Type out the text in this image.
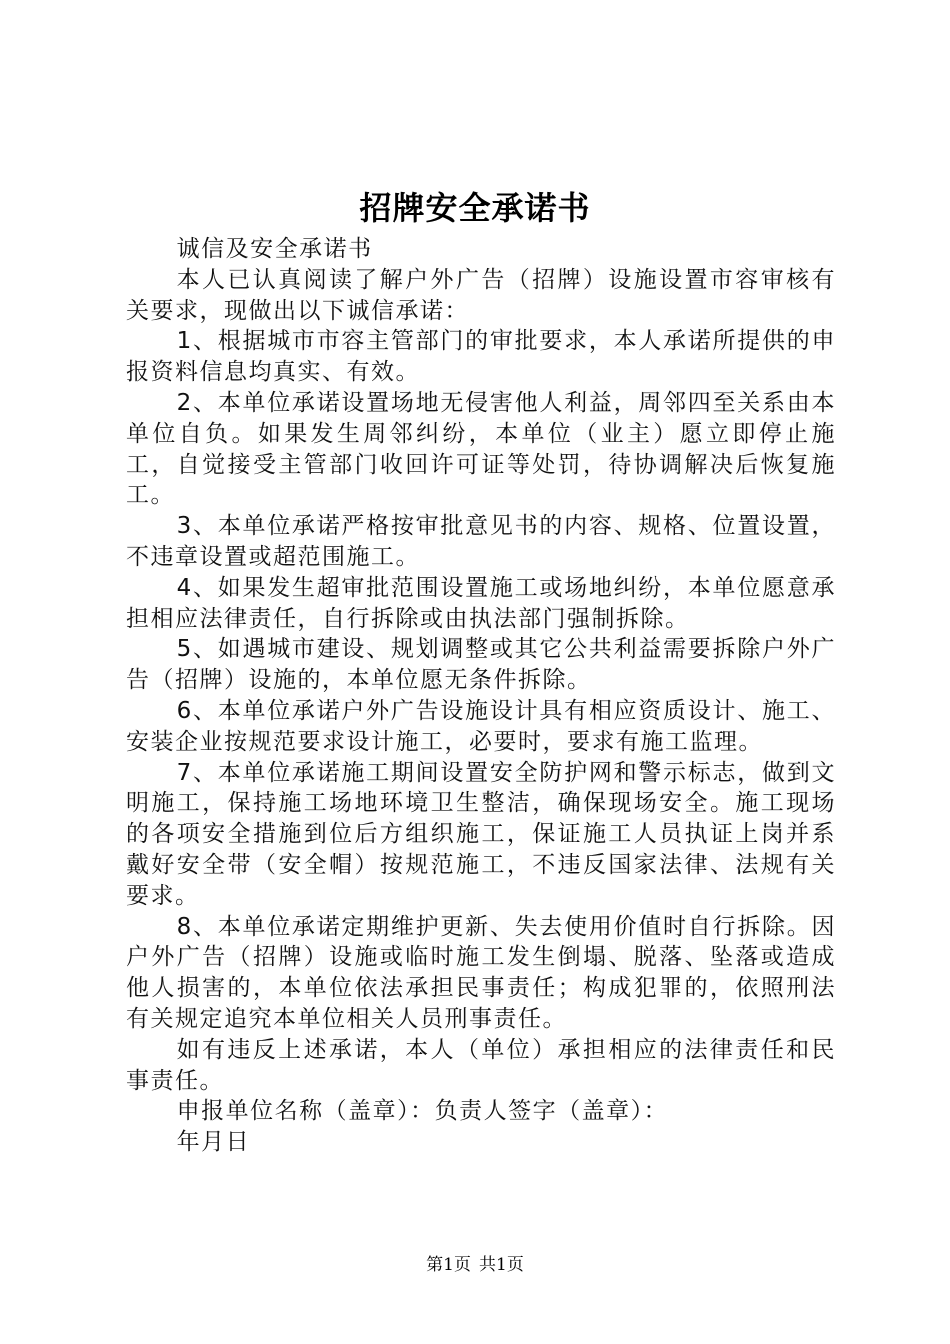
招牌安全承诺书

诚信及安全承诺书

本人已认真阅读了解户外广告（招牌）设施设置市容审核有关要求，现做出以下诚信承诺：

1、根据城市市容主管部门的审批要求，本人承诺所提供的申报资料信息均真实、有效。

2、本单位承诺设置场地无侵害他人利益，周邻四至关系由本单位自负。如果发生周邻纠纷，本单位（业主）愿立即停止施工，自觉接受主管部门收回许可证等处罚，待协调解决后恢复施工。

3、本单位承诺严格按审批意见书的内容、规格、位置设置，不违章设置或超范围施工。

4、如果发生超审批范围设置施工或场地纠纷，本单位愿意承担相应法律责任，自行拆除或由执法部门强制拆除。

5、如遇城市建设、规划调整或其它公共利益需要拆除户外广告（招牌）设施的，本单位愿无条件拆除。

6、本单位承诺户外广告设施设计具有相应资质设计、施工、安装企业按规范要求设计施工，必要时，要求有施工监理。

7、本单位承诺施工期间设置安全防护网和警示标志，做到文明施工，保持施工场地环境卫生整洁，确保现场安全。施工现场的各项安全措施到位后方组织施工，保证施工人员执证上岗并系戴好安全带（安全帽）按规范施工，不违反国家法律、法规有关要求。

8、本单位承诺定期维护更新、失去使用价值时自行拆除。因户外广告（招牌）设施或临时施工发生倒塌、脱落、坠落或造成他人损害的，本单位依法承担民事责任；构成犯罪的，依照刑法有关规定追究本单位相关人员刑事责任。

如有违反上述承诺，本人（单位）承担相应的法律责任和民事责任。

申报单位名称（盖章）：负责人签字（盖章）：

年月日

第1页 共1页
